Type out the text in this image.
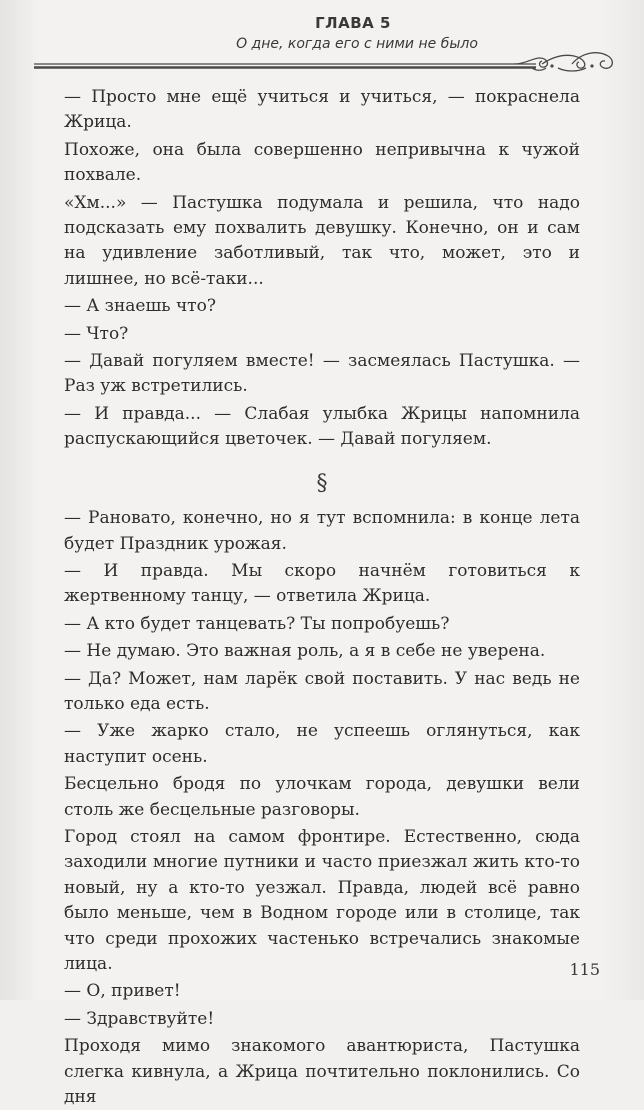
ГЛАВА 5
О дне, когда его с ними не было

— Просто мне ещё учиться и учиться, — покраснела Жрица.

Похоже, она была совершенно непривычна к чужой похвале.

«Хм...» — Пастушка подумала и решила, что надо подсказать ему похвалить девушку. Конечно, он и сам на удивление заботливый, так что, может, это и лишнее, но всё-таки...

— А знаешь что?

— Что?

— Давай погуляем вместе! — засмеялась Пастушка. — Раз уж встретились.

— И правда... — Слабая улыбка Жрицы напомнила распускающийся цветочек. — Давай погуляем.

§

— Рановато, конечно, но я тут вспомнила: в конце лета будет Праздник урожая.

— И правда. Мы скоро начнём готовиться к жертвенному танцу, — ответила Жрица.

— А кто будет танцевать? Ты попробуешь?

— Не думаю. Это важная роль, а я в себе не уверена.

— Да? Может, нам ларёк свой поставить. У нас ведь не только еда есть.

— Уже жарко стало, не успеешь оглянуться, как наступит осень.

Бесцельно бродя по улочкам города, девушки вели столь же бесцельные разговоры.

Город стоял на самом фронтире. Естественно, сюда заходили многие путники и часто приезжал жить кто-то новый, ну а кто-то уезжал. Правда, людей всё равно было меньше, чем в Водном городе или в столице, так что среди прохожих частенько встречались знакомые лица.

— О, привет!

— Здравствуйте!

Проходя мимо знакомого авантюриста, Пастушка слегка кивнула, а Жрица почтительно поклонились. Со дня

115
